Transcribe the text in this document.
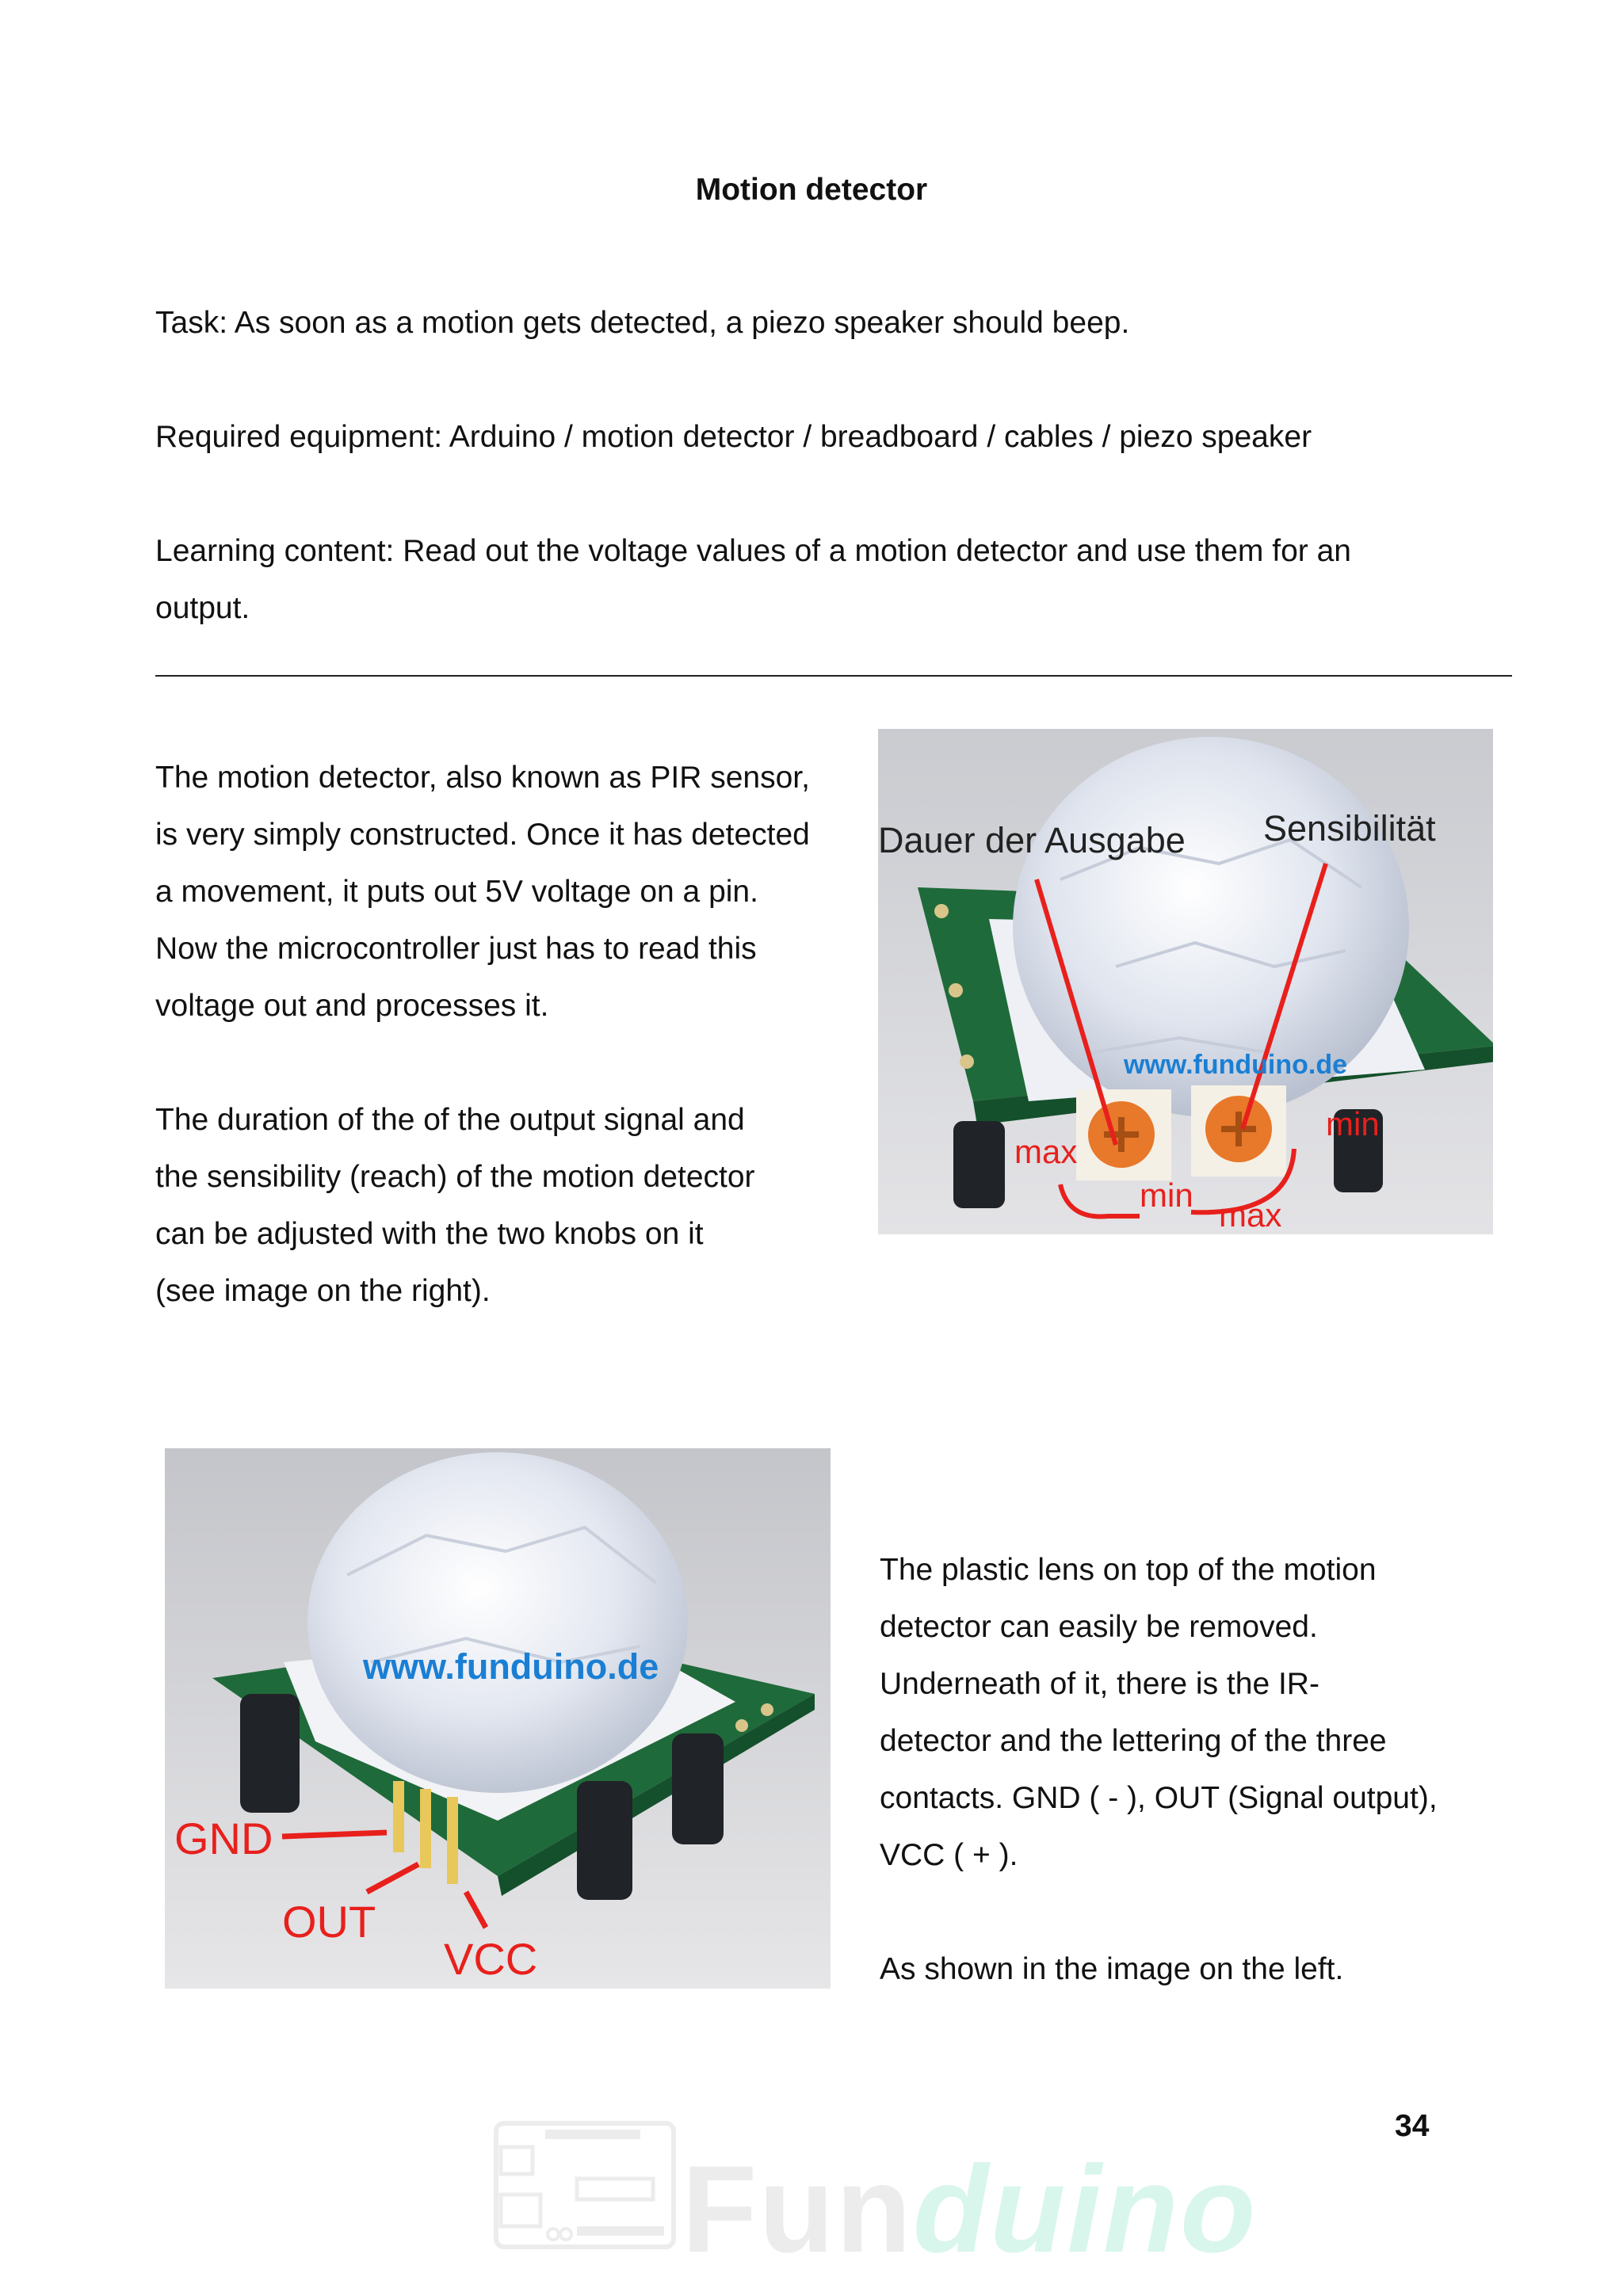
Motion detector
Task: As soon as a motion gets detected, a piezo speaker should beep.
Required equipment: Arduino / motion detector / breadboard / cables / piezo speaker
Learning content: Read out the voltage values of a motion detector and use them for an
output.
The motion detector, also known as PIR sensor,
is very simply constructed. Once it has detected
a movement, it puts out 5V voltage on a pin.
Now the microcontroller just has to read this
voltage out and processes it.
The duration of the of the output signal and
the sensibility (reach) of the motion detector
can be adjusted with the two knobs on it
(see image on the right).
Dauer der Ausgabe Sensibilität
www.funduino.de
max
min
min
max
www.funduino.de
GND
OUT
VCC
The plastic lens on top of the motion
detector can easily be removed.
Underneath of it, there is the IR-
detector and the lettering of the three
contacts. GND ( - ), OUT (Signal output),
VCC ( + ).
As shown in the image on the left.
34
Funduino
